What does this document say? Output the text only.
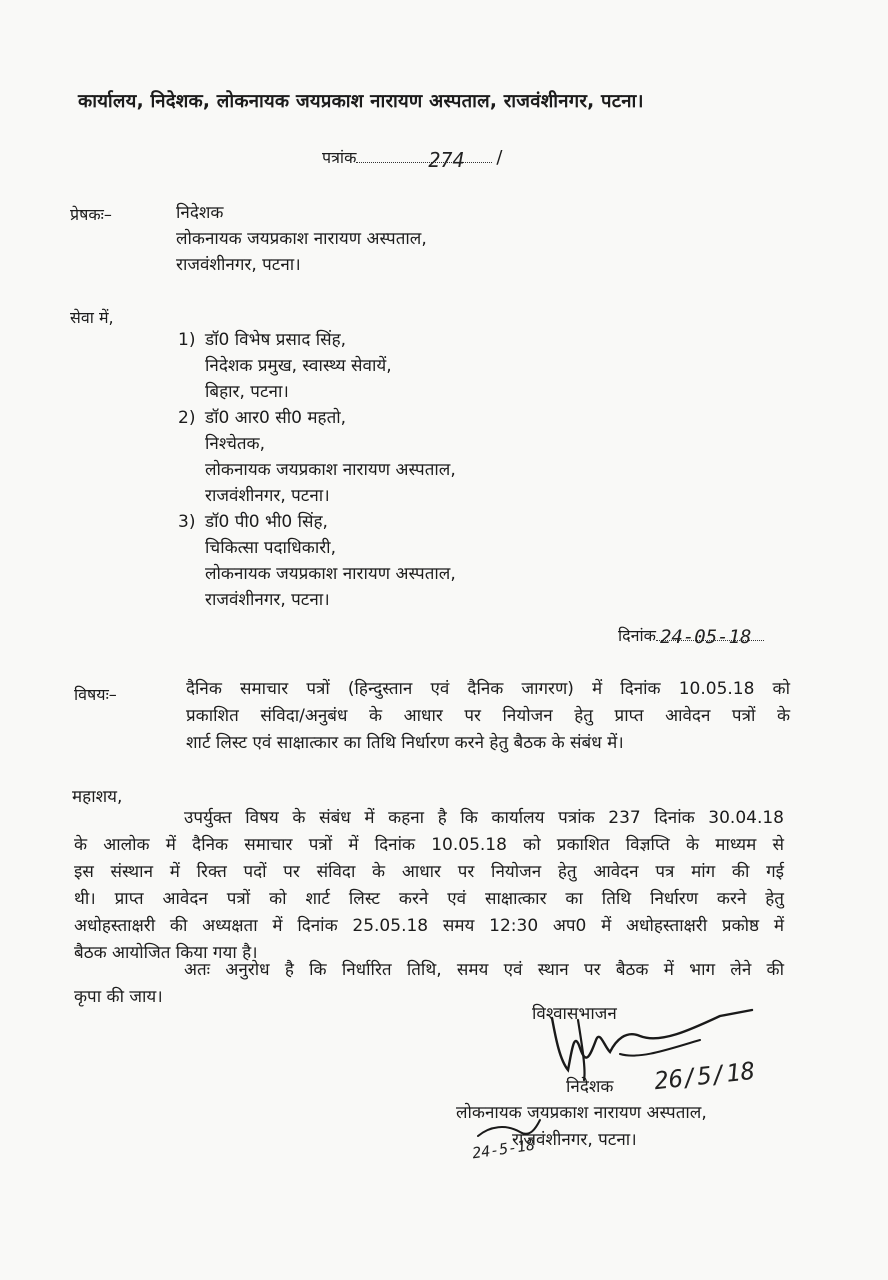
कार्यालय, निदेशक, लोकनायक जयप्रकाश नारायण अस्पताल, राजवंशीनगर, पटना।
पत्रांक	274 /
प्रेषकः–	निदेशक
लोकनायक जयप्रकाश नारायण अस्पताल,
राजवंशीनगर, पटना।
सेवा में,
1) डॉ0 विभेष प्रसाद सिंह,
निदेशक प्रमुख, स्वास्थ्य सेवायें,
बिहार, पटना।
2) डॉ0 आर0 सी0 महतो,
निश्चेतक,
लोकनायक जयप्रकाश नारायण अस्पताल,
राजवंशीनगर, पटना।
3) डॉ0 पी0 भी0 सिंह,
चिकित्सा पदाधिकारी,
लोकनायक जयप्रकाश नारायण अस्पताल,
राजवंशीनगर, पटना।
दिनांक 24-05-18
विषयः–	दैनिक समाचार पत्रों (हिन्दुस्तान एवं दैनिक जागरण) में दिनांक 10.05.18 को
प्रकाशित संविदा/अनुबंध के आधार पर नियोजन हेतु प्राप्त आवेदन पत्रों के
शार्ट लिस्ट एवं साक्षात्कार का तिथि निर्धारण करने हेतु बैठक के संबंध में।
महाशय,
उपर्युक्त विषय के संबंध में कहना है कि कार्यालय पत्रांक 237 दिनांक 30.04.18
के आलोक में दैनिक समाचार पत्रों में दिनांक 10.05.18 को प्रकाशित विज्ञप्ति के माध्यम से
इस संस्थान में रिक्त पदों पर संविदा के आधार पर नियोजन हेतु आवेदन पत्र मांग की गई
थी। प्राप्त आवेदन पत्रों को शार्ट लिस्ट करने एवं साक्षात्कार का तिथि निर्धारण करने हेतु
अधोहस्ताक्षरी की अध्यक्षता में दिनांक 25.05.18 समय 12:30 अप0 में अधोहस्ताक्षरी प्रकोष्ठ में
बैठक आयोजित किया गया है।
अतः अनुरोध है कि निर्धारित तिथि, समय एवं स्थान पर बैठक में भाग लेने की
कृपा की जाय।
विश्वासभाजन
निदेशक 26/5/18
लोकनायक जयप्रकाश नारायण अस्पताल,
राजवंशीनगर, पटना।
24-5-18
